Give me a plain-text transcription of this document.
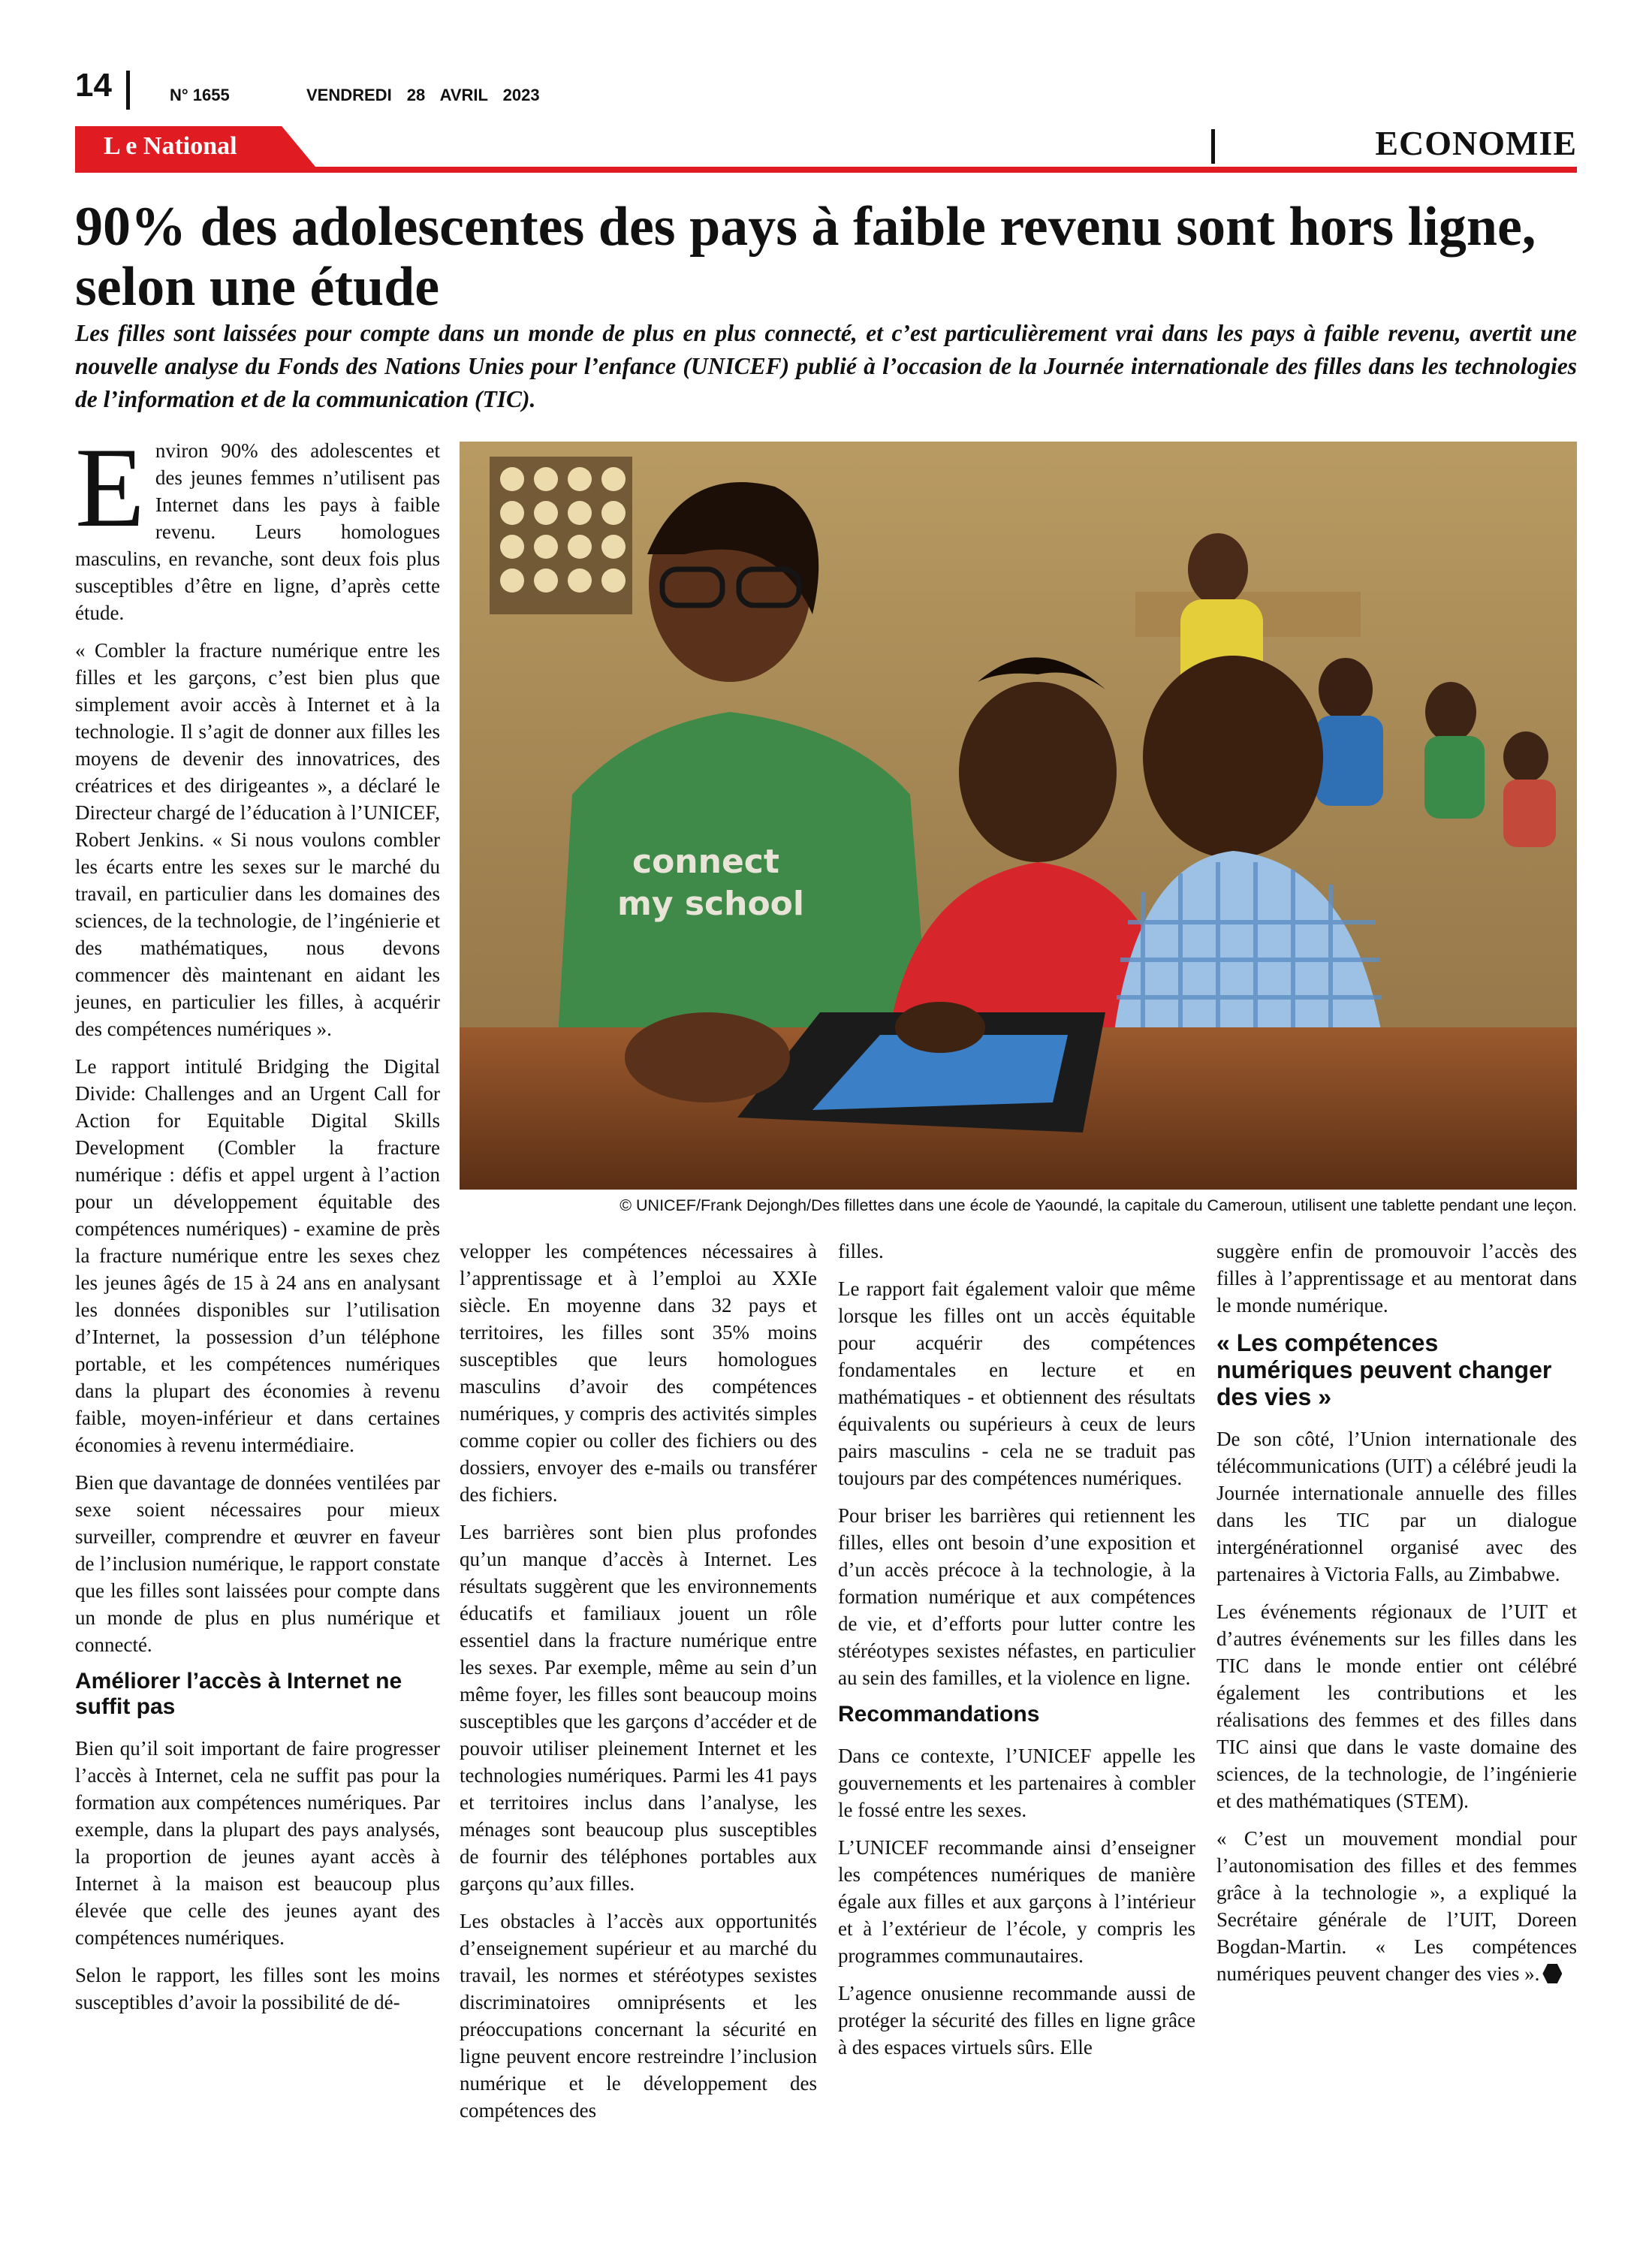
14	N° 1655	VENDREDI 28 AVRIL 2023
L e National	ECONOMIE
90% des adolescentes des pays à faible revenu sont hors ligne, selon une étude

Les filles sont laissées pour compte dans un monde de plus en plus connecté, et c’est particulièrement vrai dans les pays à faible revenu, avertit une nouvelle analyse du Fonds des Nations Unies pour l’enfance (UNICEF) publié à l’occasion de la Journée internationale des filles dans les technologies de l’information et de la communication (TIC).

connect
my school
© UNICEF/Frank Dejongh/Des fillettes dans une école de Yaoundé, la capitale du Cameroun, utilisent une tablette pendant une leçon.

Environ 90% des adolescentes et des jeunes femmes n’utilisent pas Internet dans les pays à faible revenu. Leurs homologues masculins, en revanche, sont deux fois plus susceptibles d’être en ligne, d’après cette étude.

« Combler la fracture numérique entre les filles et les garçons, c’est bien plus que simplement avoir accès à Internet et à la technologie. Il s’agit de donner aux filles les moyens de devenir des innovatrices, des créatrices et des dirigeantes », a déclaré le Directeur chargé de l’éducation à l’UNICEF, Robert Jenkins. « Si nous voulons combler les écarts entre les sexes sur le marché du travail, en particulier dans les domaines des sciences, de la technologie, de l’ingénierie et des mathématiques, nous devons commencer dès maintenant en aidant les jeunes, en particulier les filles, à acquérir des compétences numériques ».

Le rapport intitulé Bridging the Digital Divide: Challenges and an Urgent Call for Action for Equitable Digital Skills Development (Combler la fracture numérique : défis et appel urgent à l’action pour un développement équitable des compétences numériques) - examine de près la fracture numérique entre les sexes chez les jeunes âgés de 15 à 24 ans en analysant les données disponibles sur l’utilisation d’Internet, la possession d’un téléphone portable, et les compétences numériques dans la plupart des économies à revenu faible, moyen-inférieur et dans certaines économies à revenu intermédiaire.

Bien que davantage de données ventilées par sexe soient nécessaires pour mieux surveiller, comprendre et œuvrer en faveur de l’inclusion numérique, le rapport constate que les filles sont laissées pour compte dans un monde de plus en plus numérique et connecté.

Améliorer l’accès à Internet ne suffit pas

Bien qu’il soit important de faire progresser l’accès à Internet, cela ne suffit pas pour la formation aux compétences numériques. Par exemple, dans la plupart des pays analysés, la proportion de jeunes ayant accès à Internet à la maison est beaucoup plus élevée que celle des jeunes ayant des compétences numériques.

Selon le rapport, les filles sont les moins susceptibles d’avoir la possibilité de dé-

velopper les compétences nécessaires à l’apprentissage et à l’emploi au XXIe siècle. En moyenne dans 32 pays et territoires, les filles sont 35% moins susceptibles que leurs homologues masculins d’avoir des compétences numériques, y compris des activités simples comme copier ou coller des fichiers ou des dossiers, envoyer des e-mails ou transférer des fichiers.

Les barrières sont bien plus profondes qu’un manque d’accès à Internet. Les résultats suggèrent que les environnements éducatifs et familiaux jouent un rôle essentiel dans la fracture numérique entre les sexes. Par exemple, même au sein d’un même foyer, les filles sont beaucoup moins susceptibles que les garçons d’accéder et de pouvoir utiliser pleinement Internet et les technologies numériques. Parmi les 41 pays et territoires inclus dans l’analyse, les ménages sont beaucoup plus susceptibles de fournir des téléphones portables aux garçons qu’aux filles.

Les obstacles à l’accès aux opportunités d’enseignement supérieur et au marché du travail, les normes et stéréotypes sexistes discriminatoires omniprésents et les préoccupations concernant la sécurité en ligne peuvent encore restreindre l’inclusion numérique et le développement des compétences des

filles.

Le rapport fait également valoir que même lorsque les filles ont un accès équitable pour acquérir des compétences fondamentales en lecture et en mathématiques - et obtiennent des résultats équivalents ou supérieurs à ceux de leurs pairs masculins - cela ne se traduit pas toujours par des compétences numériques.

Pour briser les barrières qui retiennent les filles, elles ont besoin d’une exposition et d’un accès précoce à la technologie, à la formation numérique et aux compétences de vie, et d’efforts pour lutter contre les stéréotypes sexistes néfastes, en particulier au sein des familles, et la violence en ligne.

Recommandations

Dans ce contexte, l’UNICEF appelle les gouvernements et les partenaires à combler le fossé entre les sexes.

L’UNICEF recommande ainsi d’enseigner les compétences numériques de manière égale aux filles et aux garçons à l’intérieur et à l’extérieur de l’école, y compris les programmes communautaires.

L’agence onusienne recommande aussi de protéger la sécurité des filles en ligne grâce à des espaces virtuels sûrs. Elle

suggère enfin de promouvoir l’accès des filles à l’apprentissage et au mentorat dans le monde numérique.

« Les compétences numériques peuvent changer des vies »

De son côté, l’Union internationale des télécommunications (UIT) a célébré jeudi la Journée internationale annuelle des filles dans les TIC par un dialogue intergénérationnel organisé avec des partenaires à Victoria Falls, au Zimbabwe.

Les événements régionaux de l’UIT et d’autres événements sur les filles dans les TIC dans le monde entier ont célébré également les contributions et les réalisations des femmes et des filles dans TIC ainsi que dans le vaste domaine des sciences, de la technologie, de l’ingénierie et des mathématiques (STEM).

« C’est un mouvement mondial pour l’autonomisation des filles et des femmes grâce à la technologie », a expliqué la Secrétaire générale de l’UIT, Doreen Bogdan-Martin. « Les compétences numériques peuvent changer des vies ».
